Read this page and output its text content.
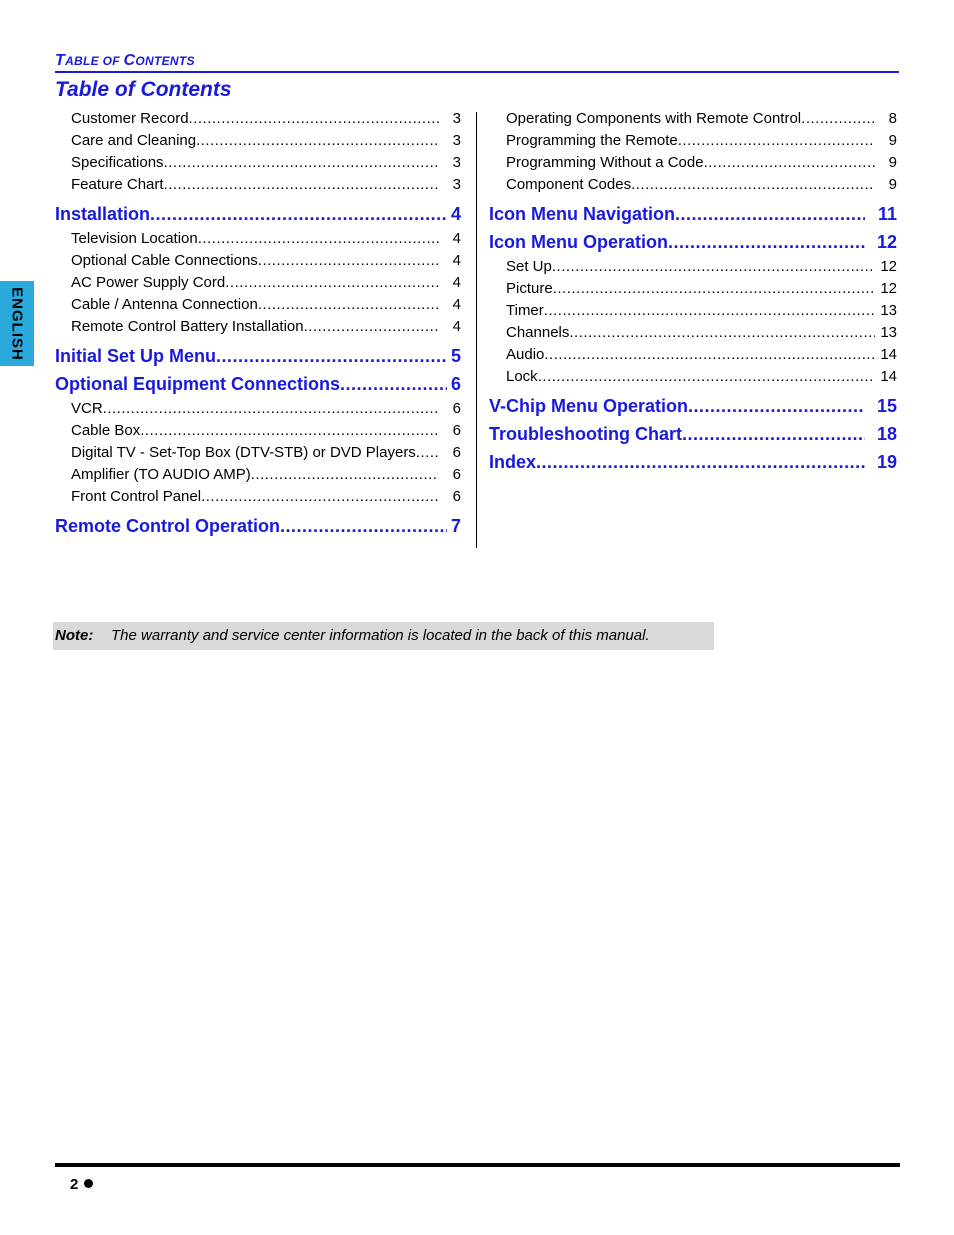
TABLE OF CONTENTS
Table of Contents
ENGLISH
Customer Record .....	3
Care and Cleaning .....	3
Specifications .....	3
Feature Chart .....	3
Installation .....	4
Television Location .....	4
Optional Cable Connections .....	4
AC Power Supply Cord .....	4
Cable / Antenna Connection .....	4
Remote Control Battery Installation .....	4
Initial Set Up Menu .....	5
Optional Equipment Connections .....	6
VCR .....	6
Cable Box .....	6
Digital TV - Set-Top Box (DTV-STB) or DVD Players .....	6
Amplifier (TO AUDIO AMP) .....	6
Front Control Panel .....	6
Remote Control Operation .....	7
Operating Components with Remote Control .....	8
Programming the Remote .....	9
Programming Without a Code .....	9
Component Codes .....	9
Icon Menu Navigation .....	11
Icon Menu Operation .....	12
Set Up .....	12
Picture .....	12
Timer .....	13
Channels .....	13
Audio .....	14
Lock .....	14
V-Chip Menu Operation .....	15
Troubleshooting Chart .....	18
Index .....	19
Note: The warranty and service center information is located in the back of this manual.
2
